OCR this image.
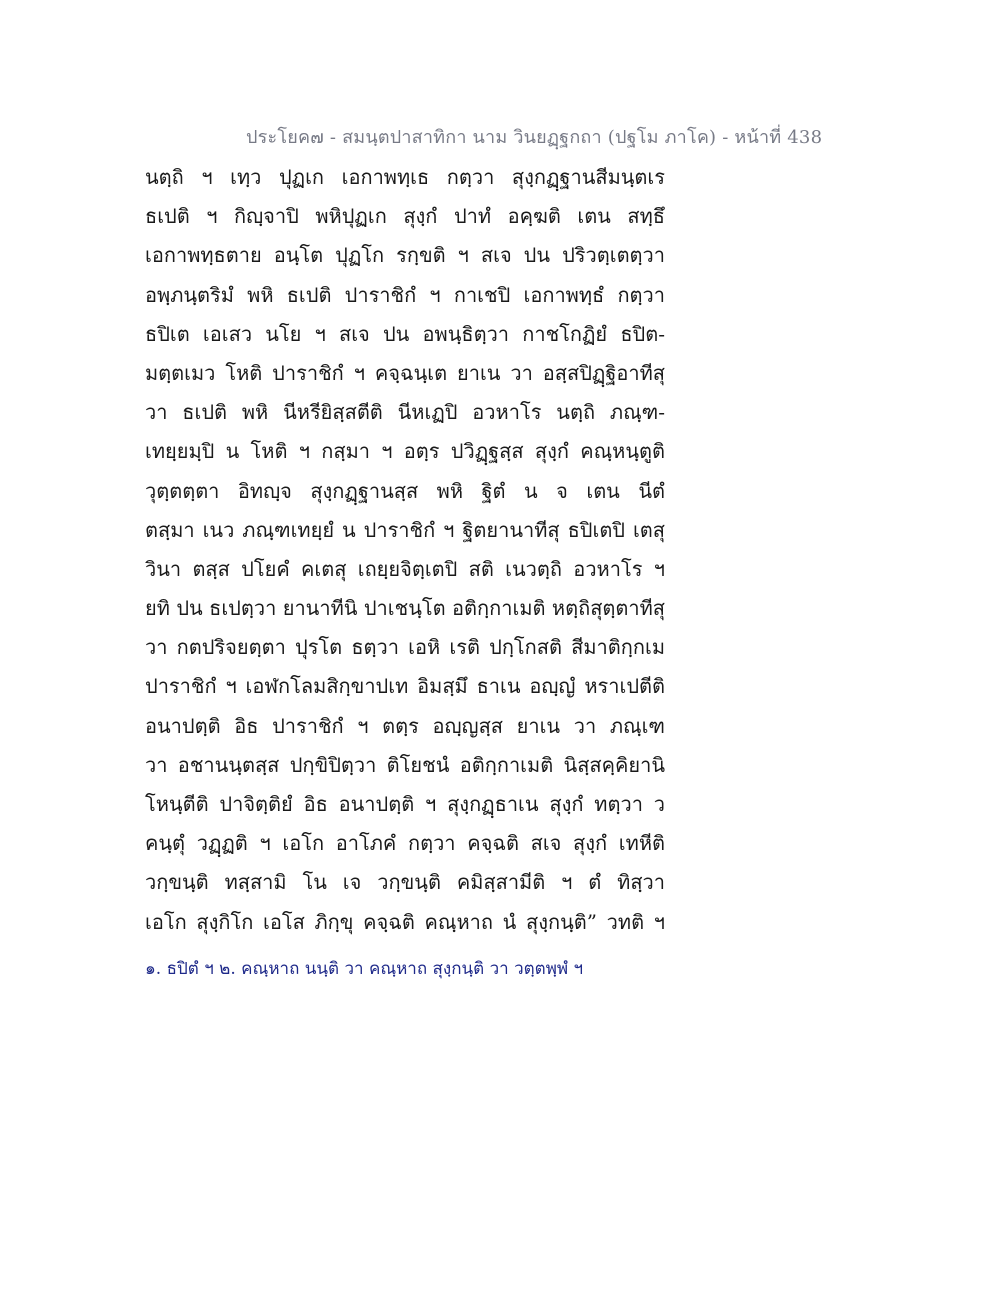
ประโยค๗ - สมนฺตปาสาทิกา นาม วินยฏฺฐกถา (ปฐโม ภาโค) - หน้าที่ 438
นตฺถิ ฯ เทฺว ปุฏเก เอกาพทฺเธ กตฺวา สุงฺกฏฺฐานสีมนฺตเร
ธเปติ ฯ กิญฺจาปิ พหิปุฏเก สุงฺกํ ปาทํ อคฺฆติ เตน สทฺธึ
เอกาพทฺธตาย อนฺโต ปุฏโก รกฺขติ ฯ สเจ ปน ปริวตฺเตตฺวา
อพฺภนฺตริมํ พหิ ธเปติ ปาราชิกํ ฯ กาเชปิ เอกาพทฺธํ กตฺวา
ธปิเต เอเสว นโย ฯ สเจ ปน อพนฺธิตฺวา กาชโกฏิยํ ธปิต-
มตฺตเมว โหติ ปาราชิกํ ฯ คจฺฉนฺเต ยาเน วา อสฺสปิฏฺฐิอาทีสุ
วา ธเปติ พหิ นีหรียิสฺสตีติ นีหเฏปิ อวหาโร นตฺถิ ภณฺฑ-
เทยฺยมฺปิ น โหติ ฯ กสฺมา ฯ อตฺร ปวิฏฺฐสฺส สุงฺกํ คณฺหนฺตูติ
วุตฺตตฺตา อิทญฺจ สุงฺกฏฺฐานสฺส พหิ ฐิตํ น จ เตน นีตํ
ตสฺมา เนว ภณฺฑเทยฺยํ น ปาราชิกํ ฯ ฐิตยานาทีสุ ธปิเตปิ เตสุ
วินา ตสฺส ปโยคํ คเตสุ เถยฺยจิตฺเตปิ สติ เนวตฺถิ อวหาโร ฯ
ยทิ ปน ธเปตฺวา ยานาทีนิ ปาเชนฺโต อติกฺกาเมติ หตฺถิสุตฺตาทีสุ
วา กตปริจยตฺตา ปุรโต ธตฺวา เอหิ เรติ ปกฺโกสติ สีมาติกฺกเม
ปาราชิกํ ฯ เอฬกโลมสิกฺขาปเท อิมสฺมึ ธาเน อญฺญํ หราเปตีติ
อนาปตฺติ อิธ ปาราชิกํ ฯ ตตฺร อญฺญสฺส ยาเน วา ภณฺเฑ
วา อชานนฺตสฺส ปกฺขิปิตฺวา ติโยชนํ อติกฺกาเมติ นิสฺสคฺคิยานิ
โหนฺตีติ ปาจิตฺติยํ อิธ อนาปตฺติ ฯ สุงฺกฏฺธาเน สุงฺกํ ทตฺวา ว
คนฺตุํ วฏฺฏติ ฯ เอโก อาโภคํ กตฺวา คจฺฉติ สเจ สุงฺกํ เทหีติ
วกฺขนฺติ ทสฺสามิ โน เจ วกฺขนฺติ คมิสฺสามีติ ฯ ตํ ทิสฺวา
เอโก สุงฺกิโก เอโส ภิกฺขุ คจฺฉติ คณฺหาถ นํ สุงฺกนฺติ” วทติ ฯ
๑. ธปิตํ ฯ ๒. คณฺหาถ นนฺติ วา คณฺหาถ สุงฺกนฺติ วา วตฺตพฺพํ ฯ
